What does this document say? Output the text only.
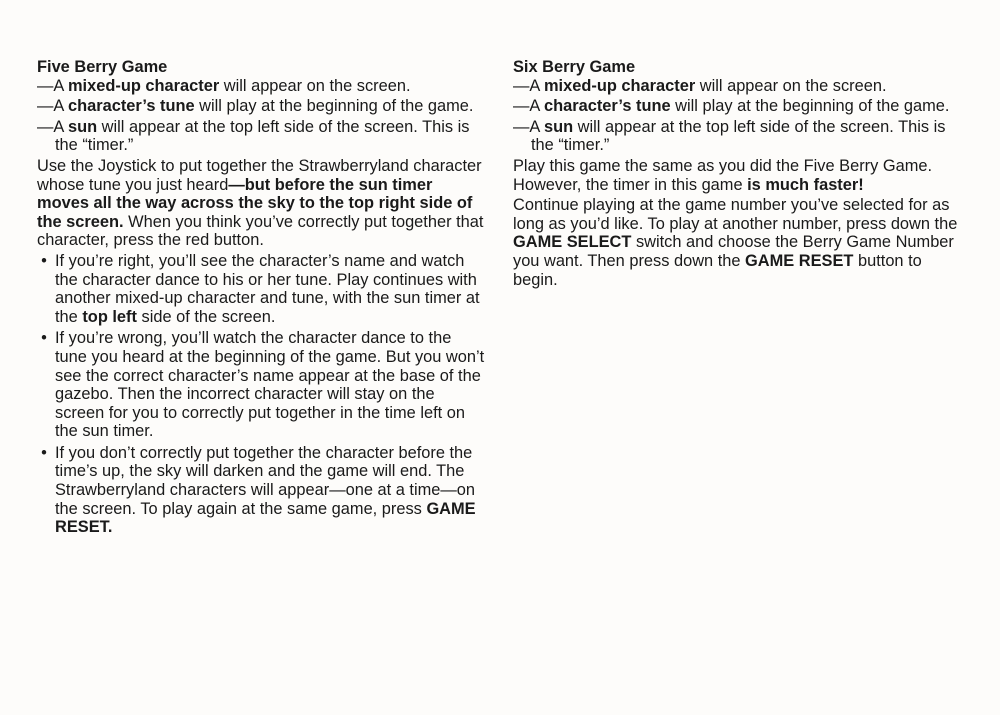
Five Berry Game

—A mixed-up character will appear on the screen.

—A character’s tune will play at the beginning of the game.

—A sun will appear at the top left side of the screen. This is the “timer.”

Use the Joystick to put together the Strawberryland character whose tune you just heard—but before the sun timer moves all the way across the sky to the top right side of the screen. When you think you’ve correctly put together that character, press the red button.

• If you’re right, you’ll see the character’s name and watch the character dance to his or her tune. Play continues with another mixed-up character and tune, with the sun timer at the top left side of the screen.
• If you’re wrong, you’ll watch the character dance to the tune you heard at the beginning of the game. But you won’t see the correct character’s name appear at the base of the gazebo. Then the incorrect character will stay on the screen for you to correctly put together in the time left on the sun timer.
• If you don’t correctly put together the character before the time’s up, the sky will darken and the game will end. The Strawberryland characters will appear—one at a time—on the screen. To play again at the same game, press GAME RESET.
Six Berry Game

—A mixed-up character will appear on the screen.

—A character’s tune will play at the beginning of the game.

—A sun will appear at the top left side of the screen. This is the “timer.”

Play this game the same as you did the Five Berry Game. However, the timer in this game is much faster!

Continue playing at the game number you’ve selected for as long as you’d like. To play at another number, press down the GAME SELECT switch and choose the Berry Game Number you want. Then press down the GAME RESET button to begin.
